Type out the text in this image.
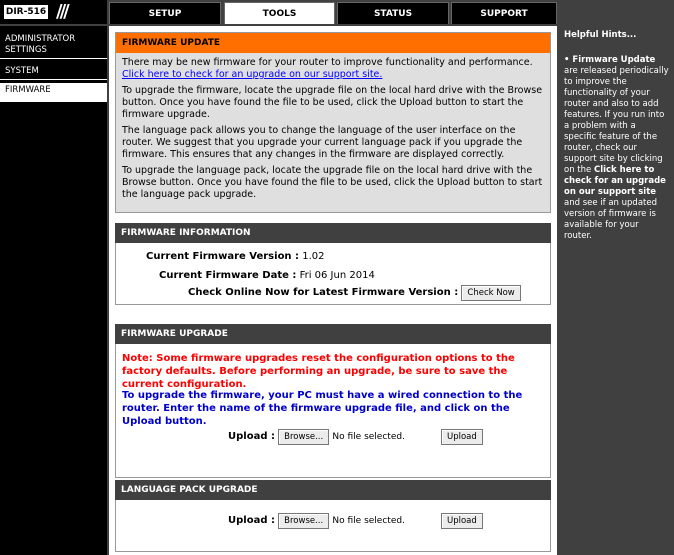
DIR-516 ///	SETUP	TOOLS	STATUS	SUPPORT
ADMINISTRATOR SETTINGS
SYSTEM
FIRMWARE
FIRMWARE UPDATE

There may be new firmware for your router to improve functionality and performance.
Click here to check for an upgrade on our support site.

To upgrade the firmware, locate the upgrade file on the local hard drive with the Browse button. Once you have found the file to be used, click the Upload button to start the firmware upgrade.

The language pack allows you to change the language of the user interface on the router. We suggest that you upgrade your current language pack if you upgrade the firmware. This ensures that any changes in the firmware are displayed correctly.

To upgrade the language pack, locate the upgrade file on the local hard drive with the Browse button. Once you have found the file to be used, click the Upload button to start the language pack upgrade.

FIRMWARE INFORMATION
Current Firmware Version : 1.02
Current Firmware Date : Fri 06 Jun 2014
Check Online Now for Latest Firmware Version : Check Now
FIRMWARE UPGRADE
Note: Some firmware upgrades reset the configuration options to the factory defaults. Before performing an upgrade, be sure to save the current configuration.
To upgrade the firmware, your PC must have a wired connection to the router. Enter the name of the firmware upgrade file, and click on the Upload button.
Upload : Browse... No file selected.	Upload
LANGUAGE PACK UPGRADE
Upload : Browse... No file selected.	Upload
Helpful Hints...
• Firmware Update are released periodically to improve the functionality of your router and also to add features. If you run into a problem with a specific feature of the router, check our support site by clicking on the Click here to check for an upgrade on our support site and see if an updated version of firmware is available for your router.
